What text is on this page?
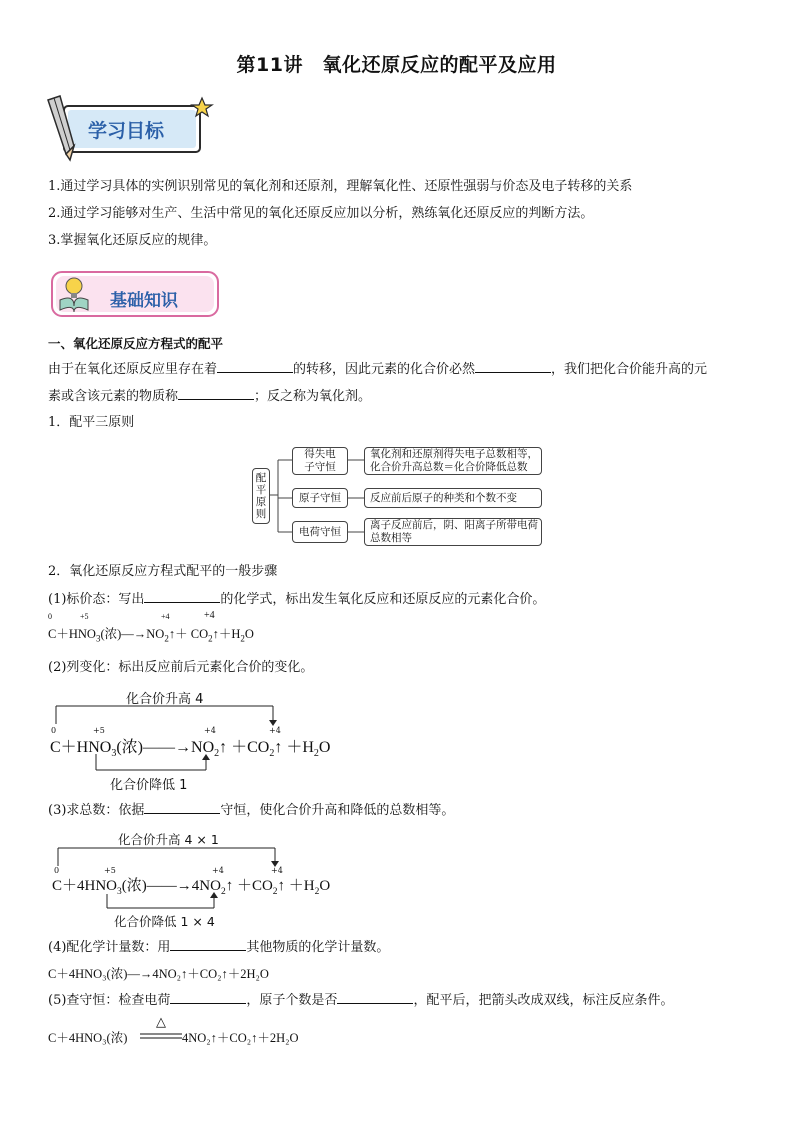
第11讲　氧化还原反应的配平及应用
学习目标
1.通过学习具体的实例识别常见的氧化剂和还原剂，理解氧化性、还原性强弱与价态及电子转移的关系
2.通过学习能够对生产、生活中常见的氧化还原反应加以分析，熟练氧化还原反应的判断方法。
3.掌握氧化还原反应的规律。
基础知识
一、氧化还原反应方程式的配平
由于在氧化还原反应里存在着	的转移，因此元素的化合价必然	，我们把化合价能升高的元
素或含该元素的物质称	；反之称为氧化剂。
1．配平三原则
配平原则
得失电子守恒
氧化剂和还原剂得失电子总数相等，化合价升高总数＝化合价降低总数
原子守恒	反应前后原子的种类和个数不变
电荷守恒
离子反应前后，阴、阳离子所带电荷总数相等
2．氧化还原反应方程式配平的一般步骤
(1)标价态：写出	的化学式，标出发生氧化反应和还原反应的元素化合价。
0	+5	+4	+4
$C+HNO_3$(浓)$—\to NO_2↑+$ $CO_2↑+H_2O$
(2)列变化：标出反应前后元素化合价的变化。
化合价升高 4
0	+5	+4	+4
$C+HNO_3$(浓)$——\to NO_2↑$ $+CO_2↑ +H_2O$
化合价降低 1
(3)求总数：依据	守恒，使化合价升高和降低的总数相等。
化合价升高 4 × 1
0	+5	+4	+4
$C+4HNO_3$(浓)$——\to 4NO_2↑$ $+CO_2↑ +H_2O$
化合价降低 1 × 4
(4)配化学计量数：用	其他物质的化学计量数。
C＋4HNO₃(浓)—→4NO₂↑＋CO₂↑＋2H₂O
(5)查守恒：检查电荷	，原子个数是否	，配平后，把箭头改成双线，标注反应条件。
C＋4HNO₃(浓)
△
4NO₂↑＋CO₂↑＋2H₂O
